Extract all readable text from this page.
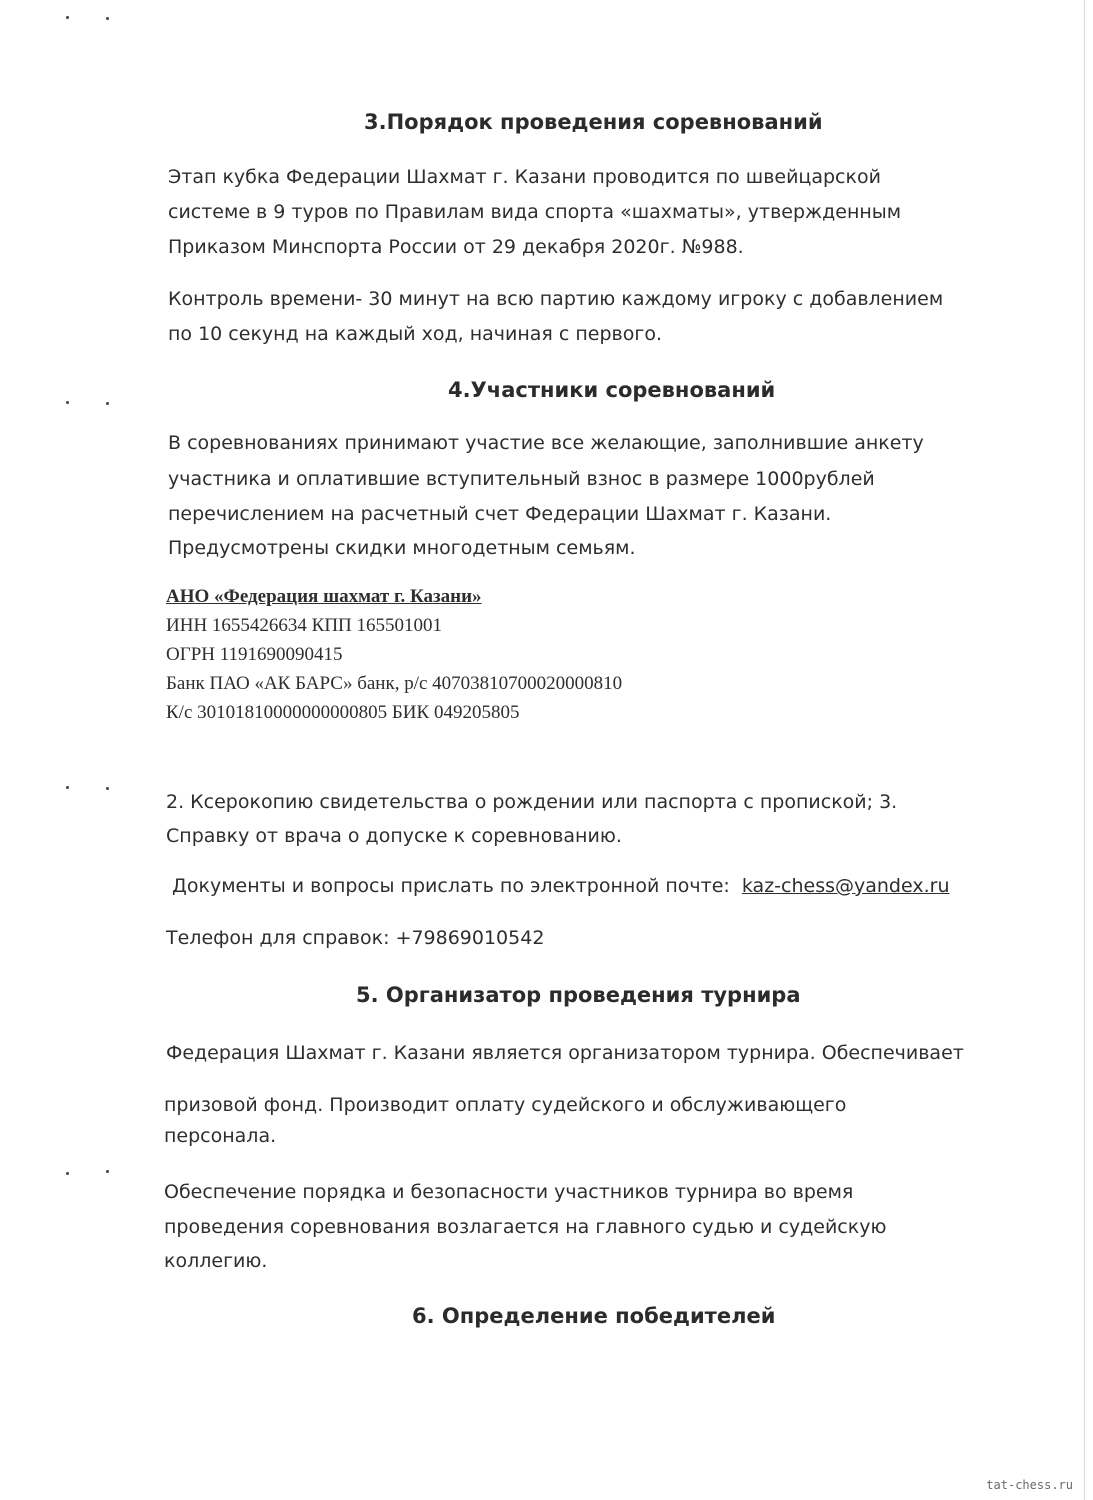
3.Порядок проведения соревнований

Этап кубка Федерации Шахмат г. Казани проводится по швейцарской

системе в 9 туров по Правилам вида спорта «шахматы», утвержденным

Приказом Минспорта России от 29 декабря 2020г. №988.

Контроль времени- 30 минут на всю партию каждому игроку с добавлением

по 10 секунд на каждый ход, начиная с первого.

4.Участники соревнований

В соревнованиях принимают участие все желающие, заполнившие анкету

участника и оплатившие вступительный взнос в размере 1000рублей

перечислением на расчетный счет Федерации Шахмат г. Казани.

Предусмотрены скидки многодетным семьям.

АНО «Федерация шахмат г. Казани»

ИНН 1655426634 КПП 165501001

ОГРН 1191690090415

Банк ПАО «АК БАРС» банк, р/с 40703810700020000810

К/с 30101810000000000805 БИК 049205805

2. Ксерокопию свидетельства о рождении или паспорта с пропиской; 3.

Справку от врача о допуске к соревнованию.

Документы и вопросы прислать по электронной почте: kaz-chess@yandex.ru

Телефон для справок: +79869010542

5. Организатор проведения турнира

Федерация Шахмат г. Казани является организатором турнира. Обеспечивает

призовой фонд. Производит оплату судейского и обслуживающего

персонала.

Обеспечение порядка и безопасности участников турнира во время

проведения соревнования возлагается на главного судью и судейскую

коллегию.

6. Определение победителей
tat-chess.ru
